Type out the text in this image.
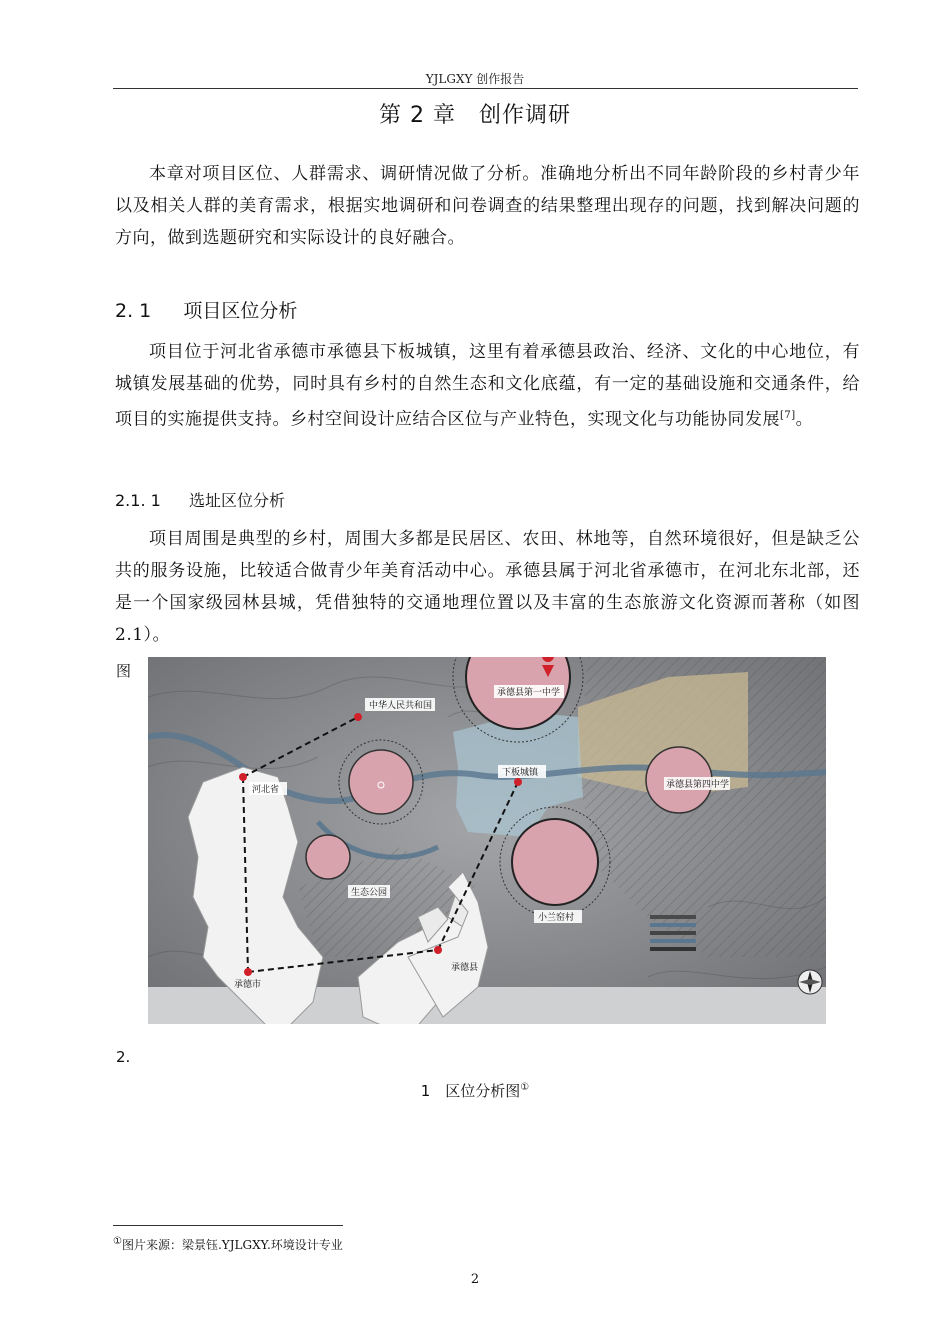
YJLGXY 创作报告
第 2 章　创作调研
本章对项目区位、人群需求、调研情况做了分析。准确地分析出不同年龄阶段的乡村青少年以及相关人群的美育需求，根据实地调研和问卷调查的结果整理出现存的问题，找到解决问题的方向，做到选题研究和实际设计的良好融合。
2. 1 项目区位分析
项目位于河北省承德市承德县下板城镇，这里有着承德县政治、经济、文化的中心地位，有城镇发展基础的优势，同时具有乡村的自然生态和文化底蕴，有一定的基础设施和交通条件，给项目的实施提供支持。乡村空间设计应结合区位与产业特色，实现文化与功能协同发展[7]。
2.1. 1 选址区位分析
项目周围是典型的乡村，周围大多都是民居区、农田、林地等，自然环境很好，但是缺乏公共的服务设施，比较适合做青少年美育活动中心。承德县属于河北省承德市，在河北东北部，还是一个国家级园林县城，凭借独特的交通地理位置以及丰富的生态旅游文化资源而著称（如图 2.1）。
图
2.
中华人民共和国
河北省
生态公园
下板城镇
承德县第一中学
承德县第四中学
小兰窑村
承德市
承德县
1　区位分析图①
①图片来源：梁景钰.YJLGXY.环境设计专业
2
